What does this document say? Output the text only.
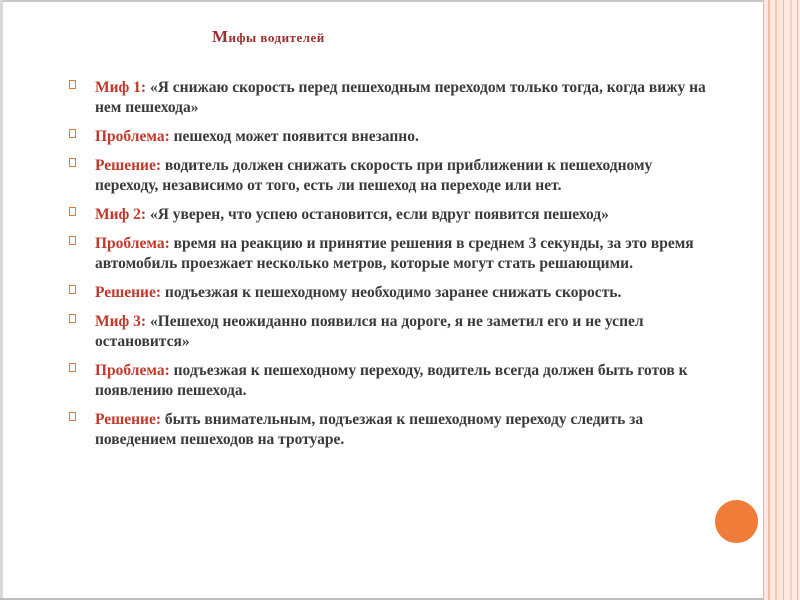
Мифы водителей
Миф 1: «Я снижаю скорость перед пешеходным переходом только тогда, когда вижу на нем пешехода»
Проблема: пешеход может появится внезапно.
Решение: водитель должен снижать скорость при приближении к пешеходному переходу, независимо от того, есть ли пешеход на переходе или нет.
Миф 2: «Я уверен, что успею остановится, если вдруг появится пешеход»
Проблема: время на реакцию и принятие решения в среднем 3 секунды, за это время автомобиль проезжает несколько метров, которые могут стать решающими.
Решение: подъезжая к пешеходному необходимо заранее снижать скорость.
Миф 3: «Пешеход неожиданно появился на дороге, я не заметил его и не успел остановится»
Проблема: подъезжая к пешеходному переходу, водитель всегда должен быть готов к появлению пешехода.
Решение: быть внимательным, подъезжая к пешеходному переходу следить за поведением пешеходов на тротуаре.
